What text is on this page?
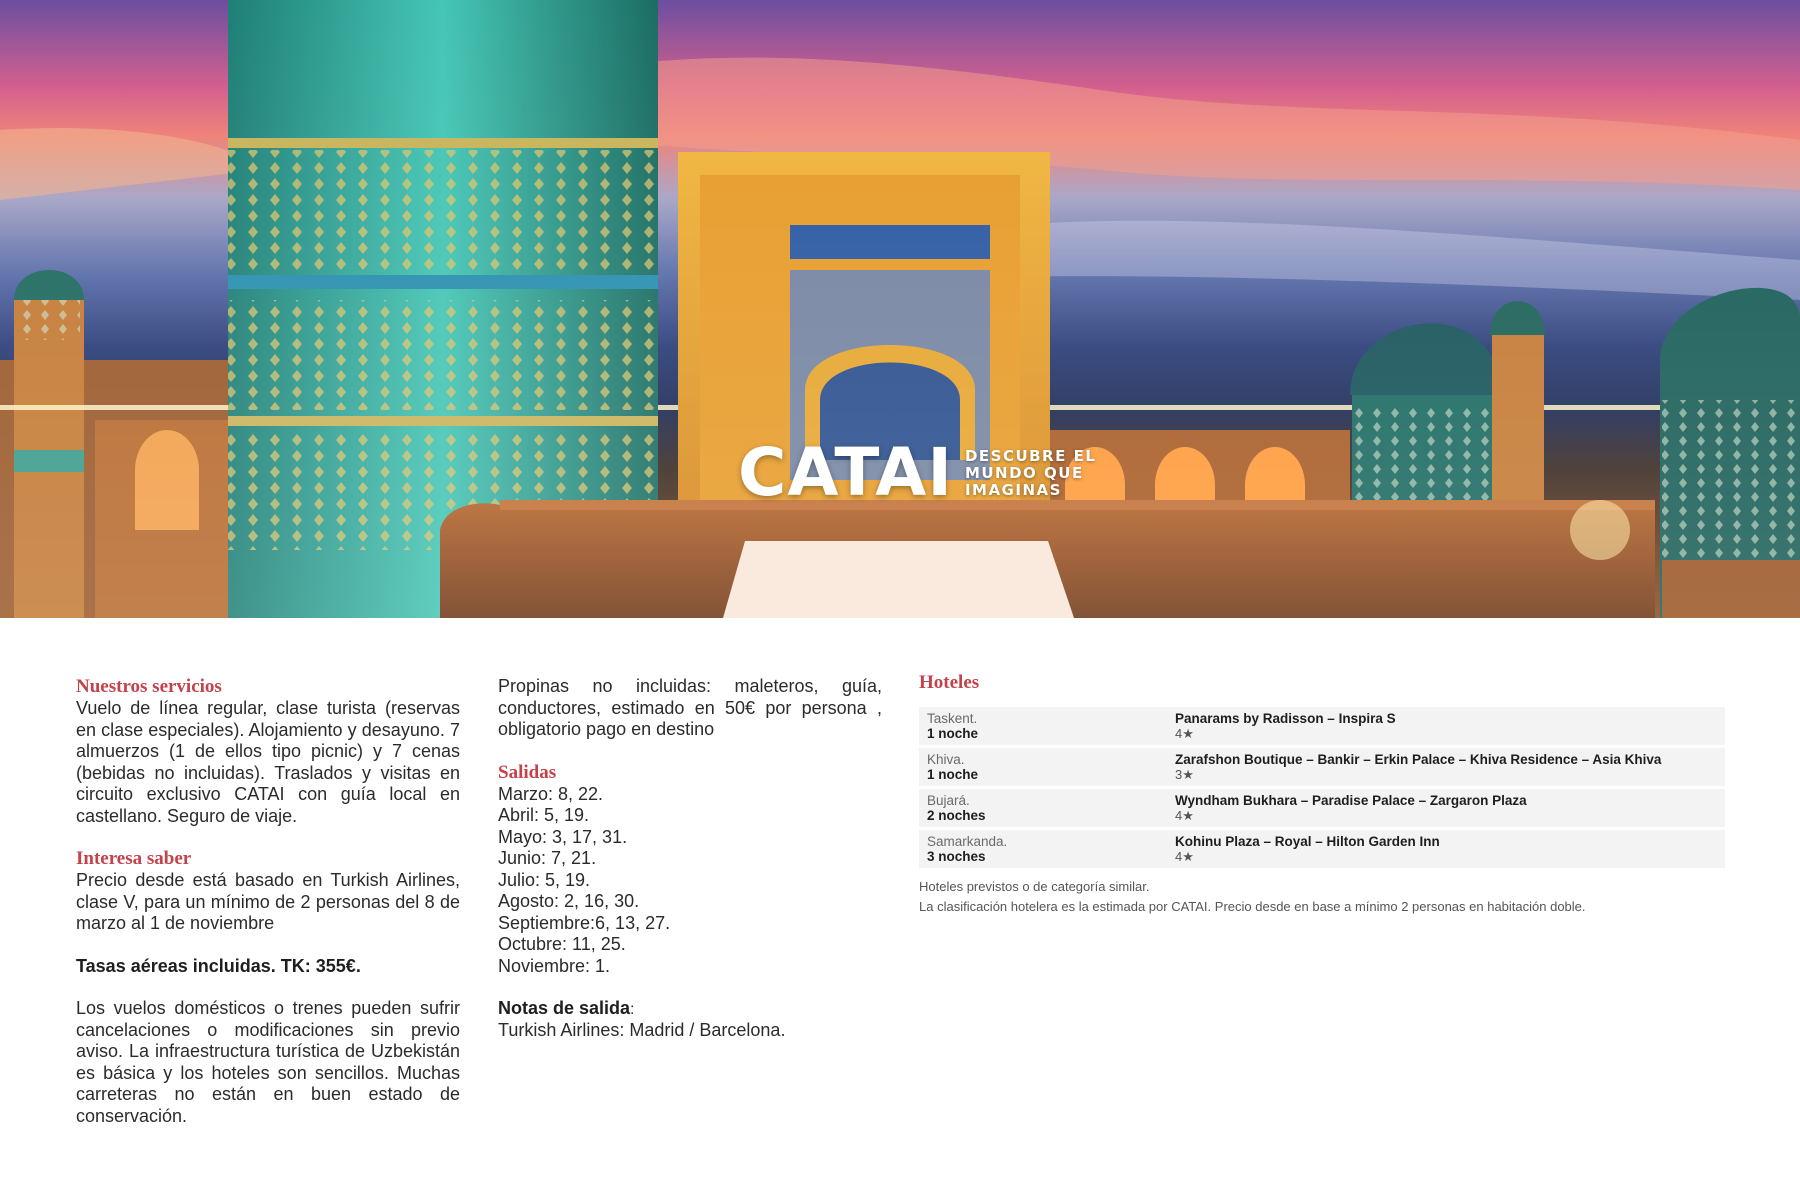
CATAI DESCUBRE EL
MUNDO QUE
IMAGINAS

Nuestros servicios

Vuelo de línea regular, clase turista (reservas en clase especiales). Alojamiento y desayuno. 7 almuerzos (1 de ellos tipo picnic) y 7 cenas (bebidas no incluidas). Traslados y visitas en circuito exclusivo CATAI con guía local en castellano. Seguro de viaje.

Interesa saber

Precio desde está basado en Turkish Airlines, clase V, para un mínimo de 2 personas del 8 de marzo al 1 de noviembre

Tasas aéreas incluidas. TK: 355€.

Los vuelos domésticos o trenes pueden sufrir cancelaciones o modificaciones sin previo aviso. La infraestructura turística de Uzbekistán es básica y los hoteles son sencillos. Muchas carreteras no están en buen estado de conservación.

Propinas no incluidas: maleteros, guía, conductores, estimado en 50€ por persona , obligatorio pago en destino

Salidas

Marzo: 8, 22.
Abril: 5, 19.
Mayo: 3, 17, 31.
Junio: 7, 21.
Julio: 5, 19.
Agosto: 2, 16, 30.
Septiembre:6, 13, 27.
Octubre: 11, 25.
Noviembre: 1.
Notas de salida:

Turkish Airlines: Madrid / Barcelona.

Hoteles

Taskent.
1 noche	Panarams by Radisson – Inspira S
4★

Khiva.
1 noche	Zarafshon Boutique – Bankir – Erkin Palace – Khiva Residence – Asia Khiva
3★

Bujará.
2 noches	Wyndham Bukhara – Paradise Palace – Zargaron Plaza
4★

Samarkanda.
3 noches	Kohinu Plaza – Royal – Hilton Garden Inn
4★

Hoteles previstos o de categoría similar.

La clasificación hotelera es la estimada por CATAI. Precio desde en base a mínimo 2 personas en habitación doble.
